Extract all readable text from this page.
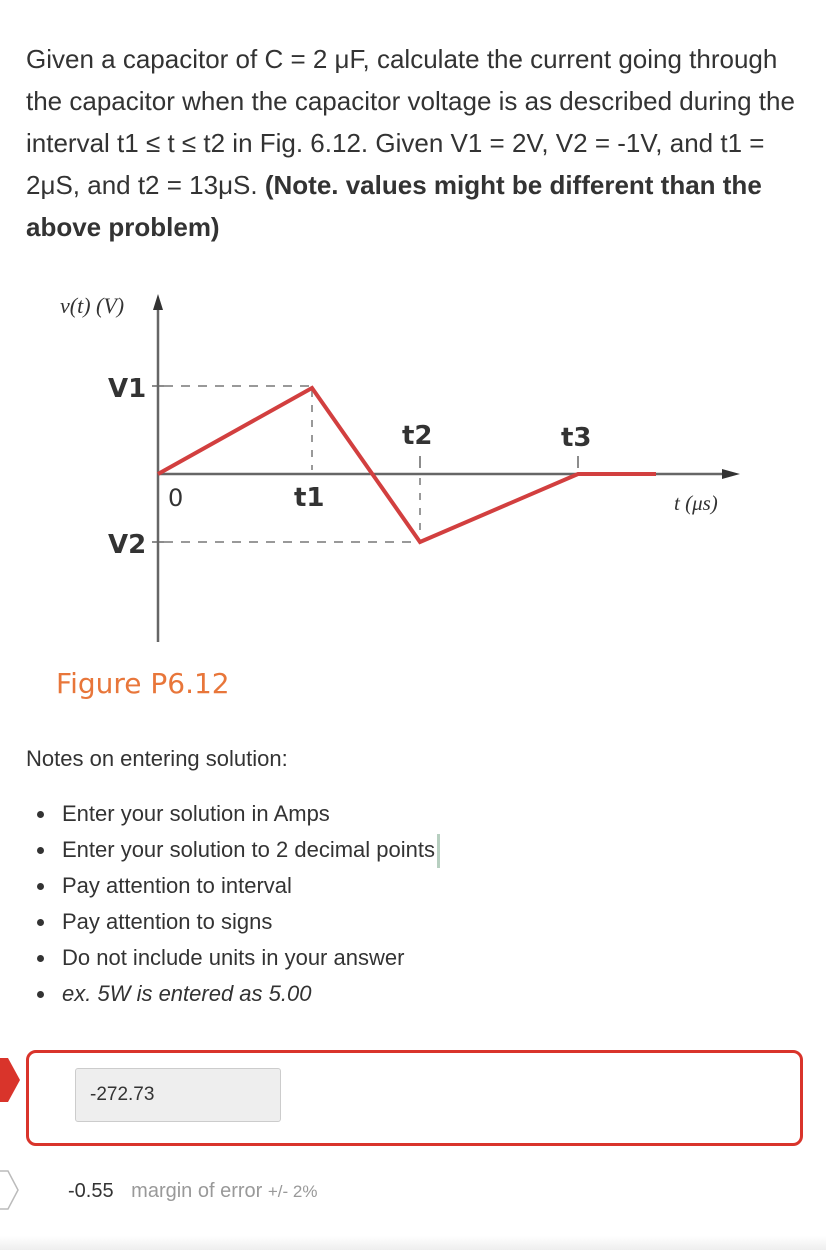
Given a capacitor of C = 2 μF, calculate the current going through the capacitor when the capacitor voltage is as described during the interval t1 ≤ t ≤ t2 in Fig. 6.12. Given V1 = 2V, V2 = -1V, and t1 = 2μS, and t2 = 13μS. (Note. values might be different than the above problem)

v(t) (V)
V1
V2
0	t1
t2	t3
t (μs)
Figure P6.12

Notes on entering solution:

Enter your solution in Amps
Enter your solution to 2 decimal points
Pay attention to interval
Pay attention to signs
Do not include units in your answer
ex. 5W is entered as 5.00
-272.73
-0.55 margin of error +/- 2%
